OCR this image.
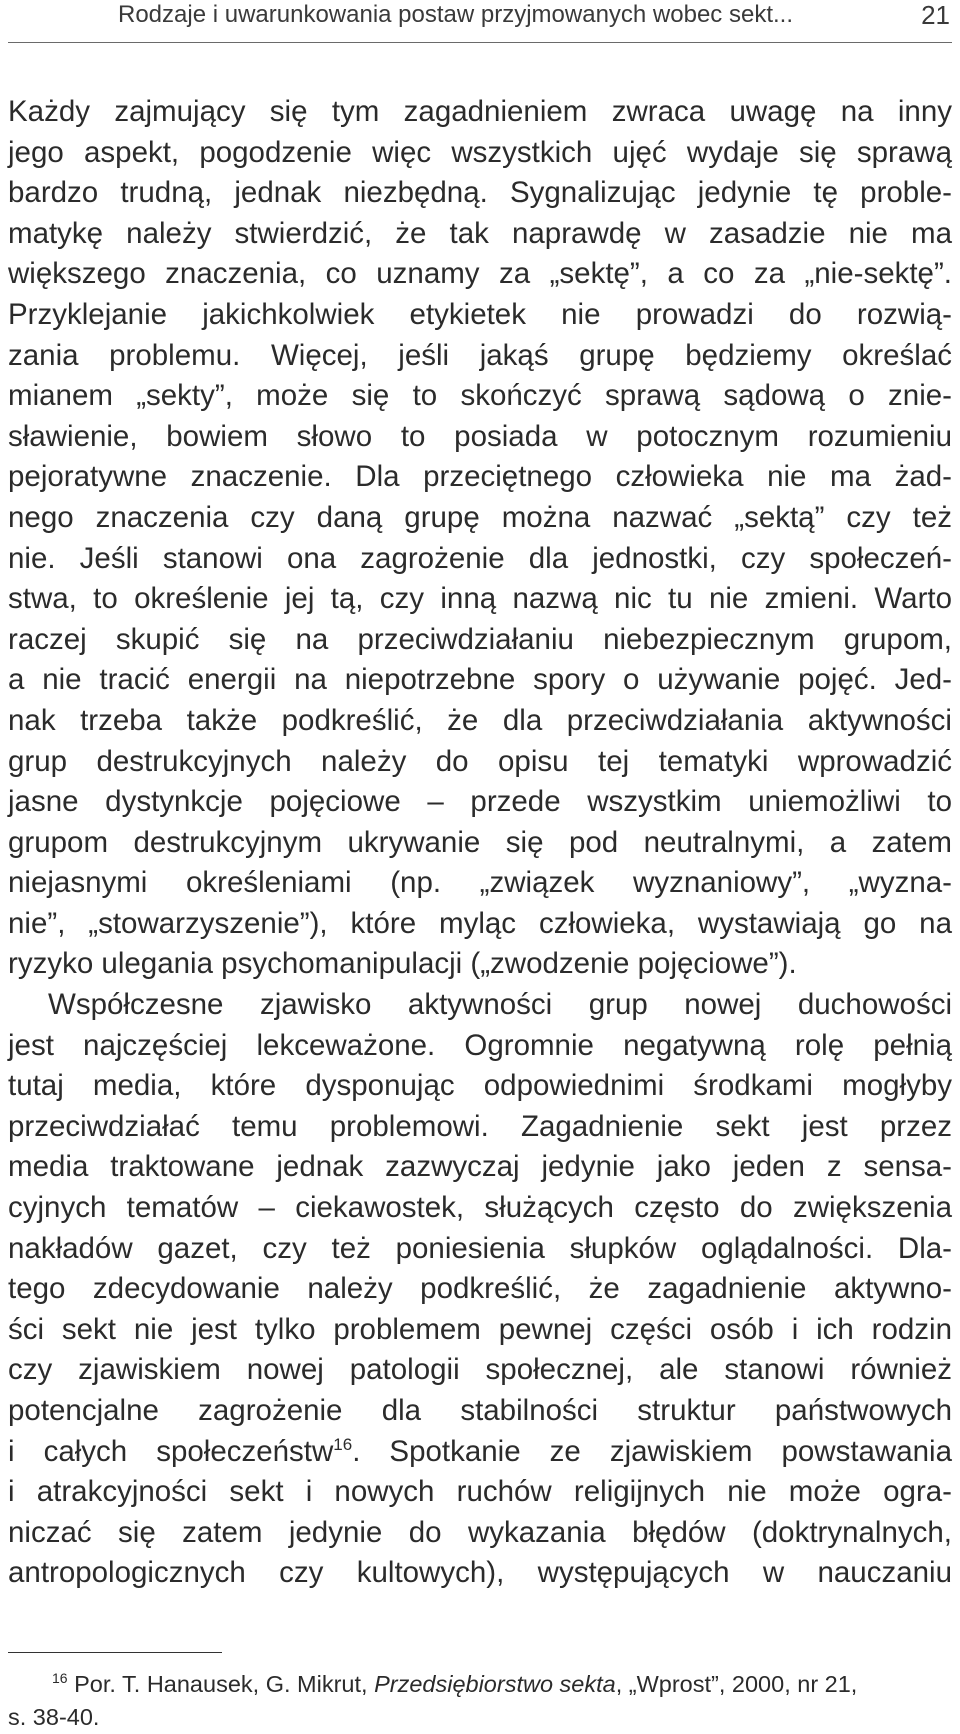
Rodzaje i uwarunkowania postaw przyjmowanych wobec sekt...	21
Każdy zajmujący się tym zagadnieniem zwraca uwagę na inny
jego aspekt, pogodzenie więc wszystkich ujęć wydaje się sprawą
bardzo trudną, jednak niezbędną. Sygnalizując jedynie tę proble-
matykę należy stwierdzić, że tak naprawdę w zasadzie nie ma
większego znaczenia, co uznamy za „sektę”, a co za „nie-sektę”.
Przyklejanie jakichkolwiek etykietek nie prowadzi do rozwią-
zania problemu. Więcej, jeśli jakąś grupę będziemy określać
mianem „sekty”, może się to skończyć sprawą sądową o znie-
sławienie, bowiem słowo to posiada w potocznym rozumieniu
pejoratywne znaczenie. Dla przeciętnego człowieka nie ma żad-
nego znaczenia czy daną grupę można nazwać „sektą” czy też
nie. Jeśli stanowi ona zagrożenie dla jednostki, czy społeczeń-
stwa, to określenie jej tą, czy inną nazwą nic tu nie zmieni. Warto
raczej skupić się na przeciwdziałaniu niebezpiecznym grupom,
a nie tracić energii na niepotrzebne spory o używanie pojęć. Jed-
nak trzeba także podkreślić, że dla przeciwdziałania aktywności
grup destrukcyjnych należy do opisu tej tematyki wprowadzić
jasne dystynkcje pojęciowe – przede wszystkim uniemożliwi to
grupom destrukcyjnym ukrywanie się pod neutralnymi, a zatem
niejasnymi określeniami (np. „związek wyznaniowy”, „wyzna-
nie”, „stowarzyszenie”), które myląc człowieka, wystawiają go na
ryzyko ulegania psychomanipulacji („zwodzenie pojęciowe”).
Współczesne zjawisko aktywności grup nowej duchowości
jest najczęściej lekceważone. Ogromnie negatywną rolę pełnią
tutaj media, które dysponując odpowiednimi środkami mogłyby
przeciwdziałać temu problemowi. Zagadnienie sekt jest przez
media traktowane jednak zazwyczaj jedynie jako jeden z sensa-
cyjnych tematów – ciekawostek, służących często do zwiększenia
nakładów gazet, czy też poniesienia słupków oglądalności. Dla-
tego zdecydowanie należy podkreślić, że zagadnienie aktywno-
ści sekt nie jest tylko problemem pewnej części osób i ich rodzin
czy zjawiskiem nowej patologii społecznej, ale stanowi również
potencjalne zagrożenie dla stabilności struktur państwowych
i całych społeczeństw$^{16}$. Spotkanie ze zjawiskiem powstawania
i atrakcyjności sekt i nowych ruchów religijnych nie może ogra-
niczać się zatem jedynie do wykazania błędów (doktrynalnych,
antropologicznych czy kultowych), występujących w nauczaniu
$^{16}$ Por. T. Hanausek, G. Mikrut, Przedsiębiorstwo sekta, „Wprost”, 2000, nr 21,
s. 38-40.
